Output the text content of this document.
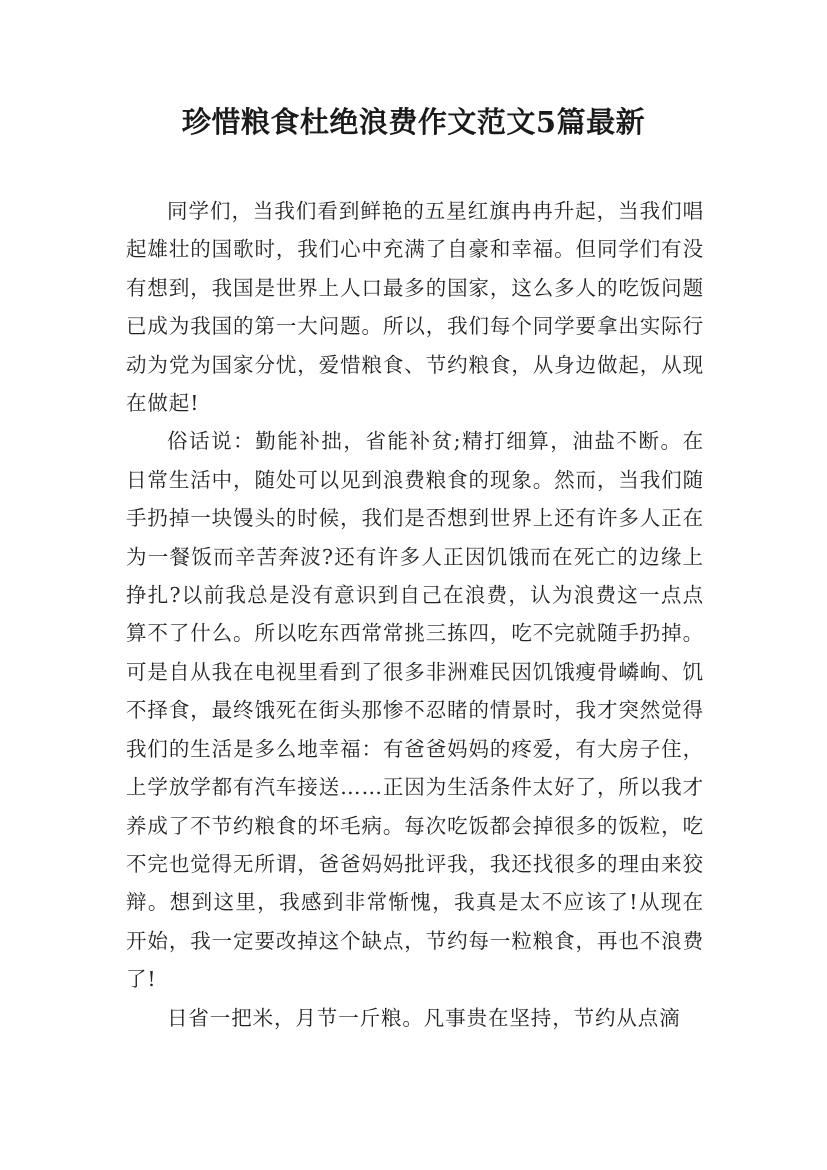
珍惜粮食杜绝浪费作文范文5篇最新

同学们，当我们看到鲜艳的五星红旗冉冉升起，当我们唱起雄壮的国歌时，我们心中充满了自豪和幸福。但同学们有没有想到，我国是世界上人口最多的国家，这么多人的吃饭问题已成为我国的第一大问题。所以，我们每个同学要拿出实际行动为党为国家分忧，爱惜粮食、节约粮食，从身边做起，从现在做起!

俗话说：勤能补拙，省能补贫;精打细算，油盐不断。在日常生活中，随处可以见到浪费粮食的现象。然而，当我们随手扔掉一块馒头的时候，我们是否想到世界上还有许多人正在为一餐饭而辛苦奔波?还有许多人正因饥饿而在死亡的边缘上挣扎?以前我总是没有意识到自己在浪费，认为浪费这一点点算不了什么。所以吃东西常常挑三拣四，吃不完就随手扔掉。可是自从我在电视里看到了很多非洲难民因饥饿瘦骨嶙峋、饥不择食，最终饿死在街头那惨不忍睹的情景时，我才突然觉得我们的生活是多么地幸福：有爸爸妈妈的疼爱，有大房子住，上学放学都有汽车接送……正因为生活条件太好了，所以我才养成了不节约粮食的坏毛病。每次吃饭都会掉很多的饭粒，吃不完也觉得无所谓，爸爸妈妈批评我，我还找很多的理由来狡辩。想到这里，我感到非常惭愧，我真是太不应该了!从现在开始，我一定要改掉这个缺点，节约每一粒粮食，再也不浪费了!

日省一把米，月节一斤粮。凡事贵在坚持，节约从点滴
